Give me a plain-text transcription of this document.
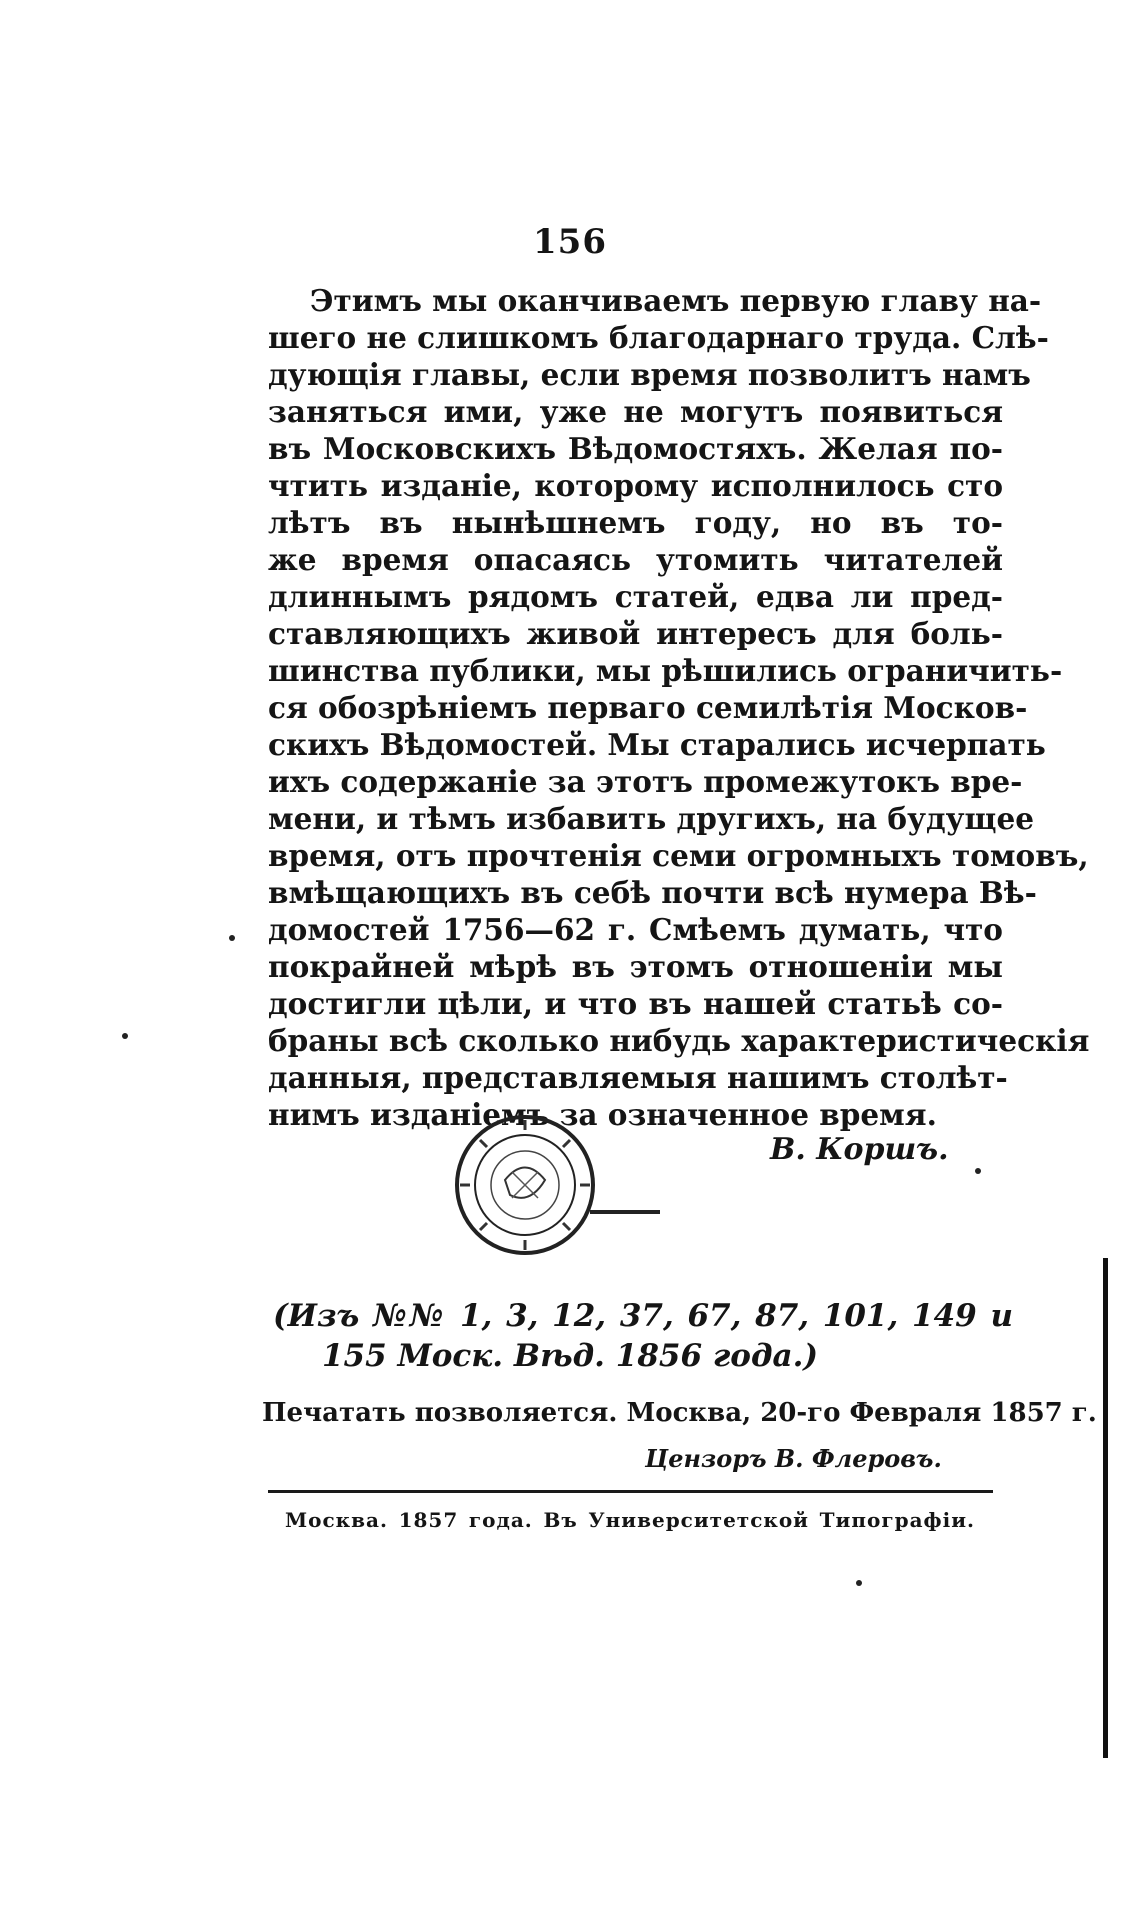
156
Этимъ мы оканчиваемъ первую главу на-
шего не слишкомъ благодарнаго труда. Слѣ-
дующія главы, если время позволитъ намъ
заняться ими, уже не могутъ появиться
въ Московскихъ Вѣдомостяхъ. Желая по-
чтить изданіе, которому исполнилось сто
лѣтъ въ нынѣшнемъ году, но въ то-
же время опасаясь утомить читателей
длиннымъ рядомъ статей, едва ли пред-
ставляющихъ живой интересъ для боль-
шинства публики, мы рѣшились ограничить-
ся обозрѣніемъ перваго семилѣтія Москов-
скихъ Вѣдомостей. Мы старались исчерпать
ихъ содержаніе за этотъ промежутокъ вре-
мени, и тѣмъ избавить другихъ, на будущее
время, отъ прочтенія семи огромныхъ томовъ,
вмѣщающихъ въ себѣ почти всѣ нумера Вѣ-
домостей 1756—62 г. Смѣемъ думать, что
покрайней мѣрѣ въ этомъ отношеніи мы
достигли цѣли, и что въ нашей статьѣ со-
браны всѣ сколько нибудь характеристическія
данныя, представляемыя нашимъ столѣт-
нимъ изданіемъ за означенное время.
В. Коршъ.
(Изъ №№ 1, 3, 12, 37, 67, 87, 101, 149 и
155 Моск. Вѣд. 1856 года.)
Печатать позволяется. Москва, 20-го Февраля 1857 г.
Цензоръ В. Флеровъ.
Москва. 1857 года. Въ Университетской Типографіи.
